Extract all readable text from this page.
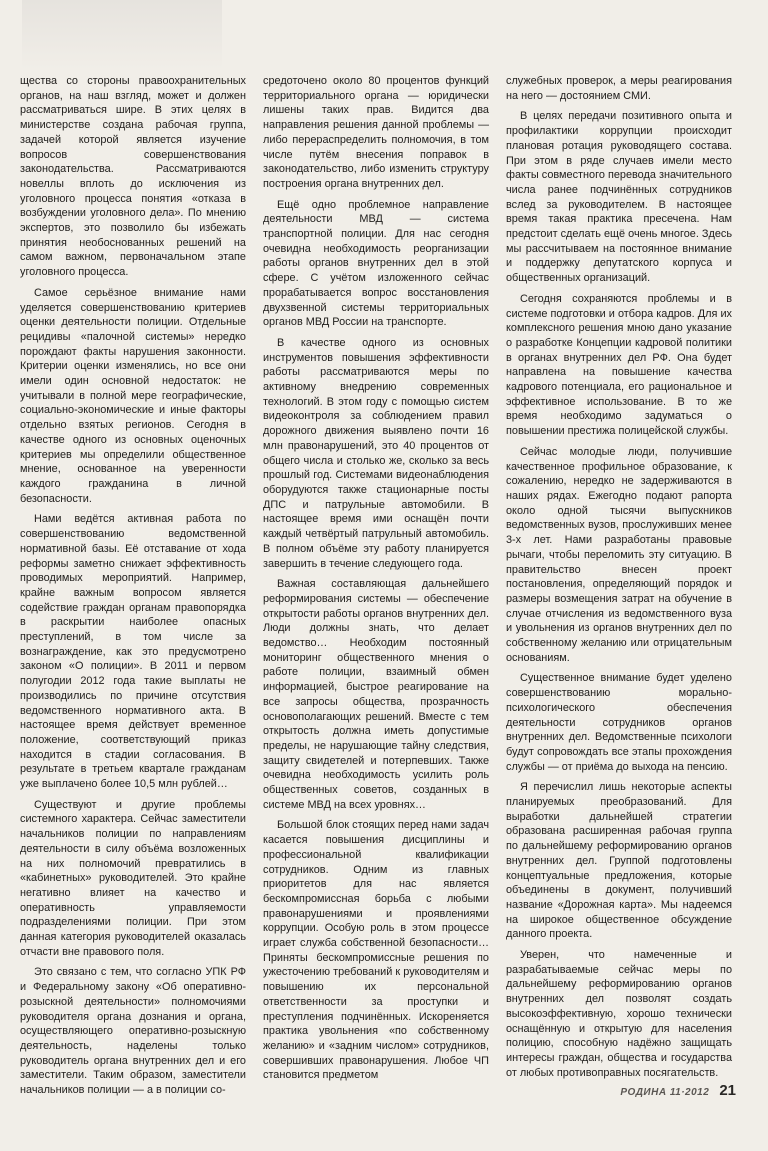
щества со стороны правоохранительных органов, на наш взгляд, может и должен рассматриваться шире. В этих целях в министерстве создана рабочая группа, задачей которой является изучение вопросов совершенствования законодательства. Рассматриваются новеллы вплоть до исключения из уголовного процесса понятия «отказа в возбуждении уголовного дела». По мнению экспертов, это позволило бы избежать принятия необоснованных решений на самом важном, первоначальном этапе уголовного процесса.

Самое серьёзное внимание нами уделяется совершенствованию критериев оценки деятельности полиции. Отдельные рецидивы «палочной системы» нередко порождают факты нарушения законности. Критерии оценки изменялись, но все они имели один основной недостаток: не учитывали в полной мере географические, социально-экономические и иные факторы отдельно взятых регионов. Сегодня в качестве одного из основных оценочных критериев мы определили общественное мнение, основанное на уверенности каждого гражданина в личной безопасности.

Нами ведётся активная работа по совершенствованию ведомственной нормативной базы. Её отставание от хода реформы заметно снижает эффективность проводимых мероприятий. Например, крайне важным вопросом является содействие граждан органам правопорядка в раскрытии наиболее опасных преступлений, в том числе за вознаграждение, как это предусмотрено законом «О полиции». В 2011 и первом полугодии 2012 года такие выплаты не производились по причине отсутствия ведомственного нормативного акта. В настоящее время действует временное положение, соответствующий приказ находится в стадии согласования. В результате в третьем квартале гражданам уже выплачено более 10,5 млн рублей…

Существуют и другие проблемы системного характера. Сейчас заместители начальников полиции по направлениям деятельности в силу объёма возложенных на них полномочий превратились в «кабинетных» руководителей. Это крайне негативно влияет на качество и оперативность управляемости подразделениями полиции. При этом данная категория руководителей оказалась отчасти вне правового поля.

Это связано с тем, что согласно УПК РФ и Федеральному закону «Об оперативно-розыскной деятельности» полномочиями руководителя органа дознания и органа, осуществляющего оперативно-розыскную деятельность, наделены только руководитель органа внутренних дел и его заместители. Таким образом, заместители начальников полиции — а в полиции со-

средоточено около 80 процентов функций территориального органа — юридически лишены таких прав. Видится два направления решения данной проблемы — либо перераспределить полномочия, в том числе путём внесения поправок в законодательство, либо изменить структуру построения органа внутренних дел.

Ещё одно проблемное направление деятельности МВД — система транспортной полиции. Для нас сегодня очевидна необходимость реорганизации работы органов внутренних дел в этой сфере. С учётом изложенного сейчас прорабатывается вопрос восстановления двухзвенной системы территориальных органов МВД России на транспорте.

В качестве одного из основных инструментов повышения эффективности работы рассматриваются меры по активному внедрению современных технологий. В этом году с помощью систем видеоконтроля за соблюдением правил дорожного движения выявлено почти 16 млн правонарушений, это 40 процентов от общего числа и столько же, сколько за весь прошлый год. Системами видеонаблюдения оборудуются также стационарные посты ДПС и патрульные автомобили. В настоящее время ими оснащён почти каждый четвёртый патрульный автомобиль. В полном объёме эту работу планируется завершить в течение следующего года.

Важная составляющая дальнейшего реформирования системы — обеспечение открытости работы органов внутренних дел. Люди должны знать, что делает ведомство… Необходим постоянный мониторинг общественного мнения о работе полиции, взаимный обмен информацией, быстрое реагирование на все запросы общества, прозрачность основополагающих решений. Вместе с тем открытость должна иметь допустимые пределы, не нарушающие тайну следствия, защиту свидетелей и потерпевших. Также очевидна необходимость усилить роль общественных советов, созданных в системе МВД на всех уровнях…

Большой блок стоящих перед нами задач касается повышения дисциплины и профессиональной квалификации сотрудников. Одним из главных приоритетов для нас является бескомпромиссная борьба с любыми правонарушениями и проявлениями коррупции. Особую роль в этом процессе играет служба собственной безопасности… Приняты бескомпромиссные решения по ужесточению требований к руководителям и повышению их персональной ответственности за проступки и преступления подчинённых. Искореняется практика увольнения «по собственному желанию» и «задним числом» сотрудников, совершивших правонарушения. Любое ЧП становится предметом

служебных проверок, а меры реагирования на него — достоянием СМИ.

В целях передачи позитивного опыта и профилактики коррупции происходит плановая ротация руководящего состава. При этом в ряде случаев имели место факты совместного перевода значительного числа ранее подчинённых сотрудников вслед за руководителем. В настоящее время такая практика пресечена. Нам предстоит сделать ещё очень многое. Здесь мы рассчитываем на постоянное внимание и поддержку депутатского корпуса и общественных организаций.

Сегодня сохраняются проблемы и в системе подготовки и отбора кадров. Для их комплексного решения мною дано указание о разработке Концепции кадровой политики в органах внутренних дел РФ. Она будет направлена на повышение качества кадрового потенциала, его рациональное и эффективное использование. В то же время необходимо задуматься о повышении престижа полицейской службы.

Сейчас молодые люди, получившие качественное профильное образование, к сожалению, нередко не задерживаются в наших рядах. Ежегодно подают рапорта около одной тысячи выпускников ведомственных вузов, прослуживших менее 3-х лет. Нами разработаны правовые рычаги, чтобы переломить эту ситуацию. В правительство внесен проект постановления, определяющий порядок и размеры возмещения затрат на обучение в случае отчисления из ведомственного вуза и увольнения из органов внутренних дел по собственному желанию или отрицательным основаниям.

Существенное внимание будет уделено совершенствованию морально-психологического обеспечения деятельности сотрудников органов внутренних дел. Ведомственные психологи будут сопровождать все этапы прохождения службы — от приёма до выхода на пенсию.

Я перечислил лишь некоторые аспекты планируемых преобразований. Для выработки дальнейшей стратегии образована расширенная рабочая группа по дальнейшему реформированию органов внутренних дел. Группой подготовлены концептуальные предложения, которые объединены в документ, получивший название «Дорожная карта». Мы надеемся на широкое общественное обсуждение данного проекта.

Уверен, что намеченные и разрабатываемые сейчас меры по дальнейшему реформированию органов внутренних дел позволят создать высокоэффективную, хорошо технически оснащённую и открытую для населения полицию, способную надёжно защищать интересы граждан, общества и государства от любых противоправных посягательств.

РОДИНА 11·2012 21
